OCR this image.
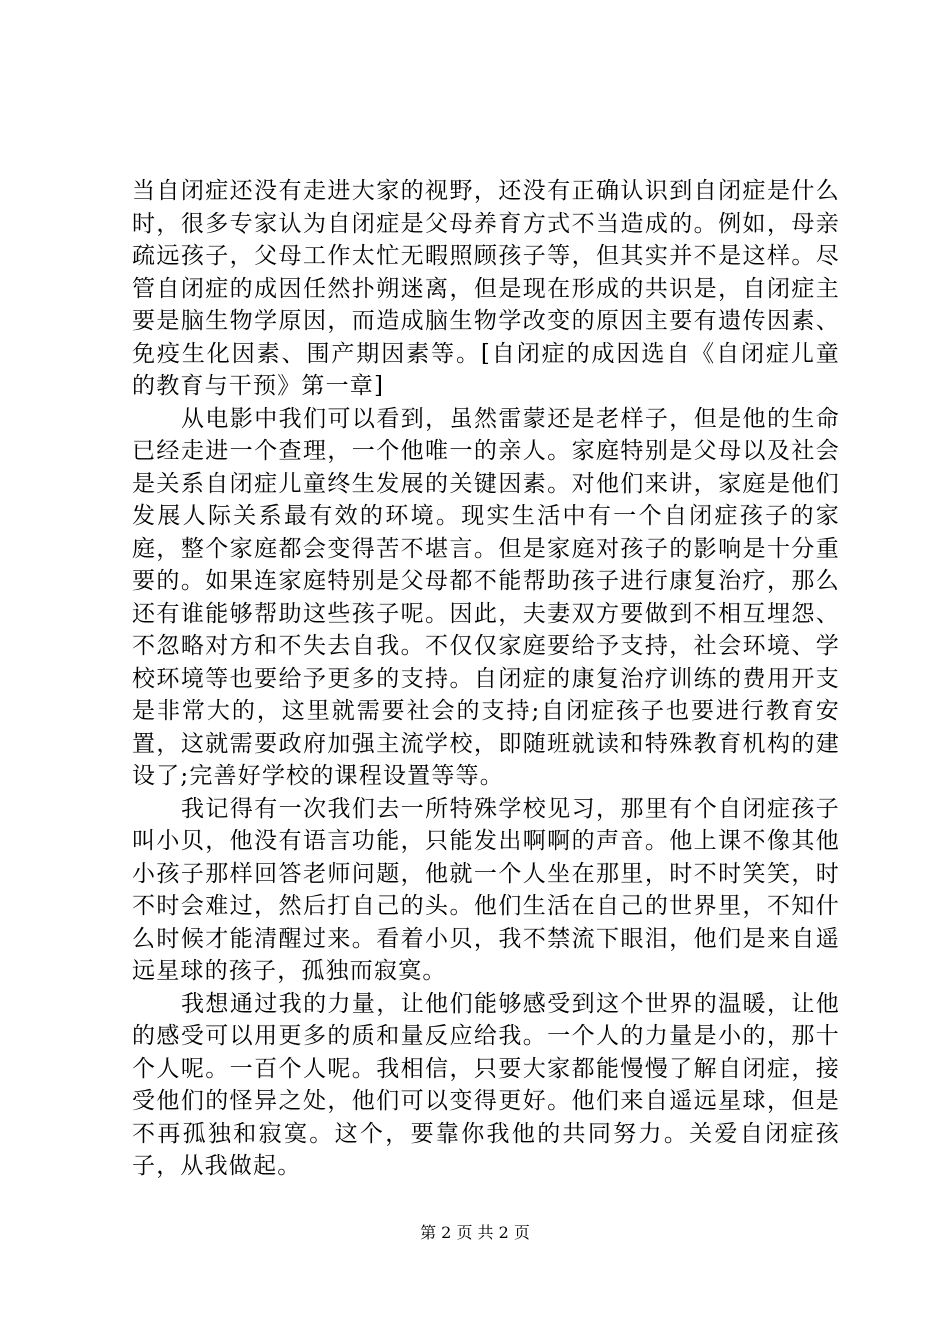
当自闭症还没有走进大家的视野，还没有正确认识到自闭症是什么时，很多专家认为自闭症是父母养育方式不当造成的。例如，母亲疏远孩子，父母工作太忙无暇照顾孩子等，但其实并不是这样。尽管自闭症的成因任然扑朔迷离，但是现在形成的共识是，自闭症主要是脑生物学原因，而造成脑生物学改变的原因主要有遗传因素、免疫生化因素、围产期因素等。[自闭症的成因选自《自闭症儿童的教育与干预》第一章]

从电影中我们可以看到，虽然雷蒙还是老样子，但是他的生命已经走进一个查理，一个他唯一的亲人。家庭特别是父母以及社会是关系自闭症儿童终生发展的关键因素。对他们来讲，家庭是他们发展人际关系最有效的环境。现实生活中有一个自闭症孩子的家庭，整个家庭都会变得苦不堪言。但是家庭对孩子的影响是十分重要的。如果连家庭特别是父母都不能帮助孩子进行康复治疗，那么还有谁能够帮助这些孩子呢。因此，夫妻双方要做到不相互埋怨、不忽略对方和不失去自我。不仅仅家庭要给予支持，社会环境、学校环境等也要给予更多的支持。自闭症的康复治疗训练的费用开支是非常大的，这里就需要社会的支持;自闭症孩子也要进行教育安置，这就需要政府加强主流学校，即随班就读和特殊教育机构的建设了;完善好学校的课程设置等等。

我记得有一次我们去一所特殊学校见习，那里有个自闭症孩子叫小贝，他没有语言功能，只能发出啊啊的声音。他上课不像其他小孩子那样回答老师问题，他就一个人坐在那里，时不时笑笑，时不时会难过，然后打自己的头。他们生活在自己的世界里，不知什么时候才能清醒过来。看着小贝，我不禁流下眼泪，他们是来自遥远星球的孩子，孤独而寂寞。

我想通过我的力量，让他们能够感受到这个世界的温暖，让他的感受可以用更多的质和量反应给我。一个人的力量是小的，那十个人呢。一百个人呢。我相信，只要大家都能慢慢了解自闭症，接受他们的怪异之处，他们可以变得更好。他们来自遥远星球，但是不再孤独和寂寞。这个，要靠你我他的共同努力。关爱自闭症孩子，从我做起。

第 2 页 共 2 页
